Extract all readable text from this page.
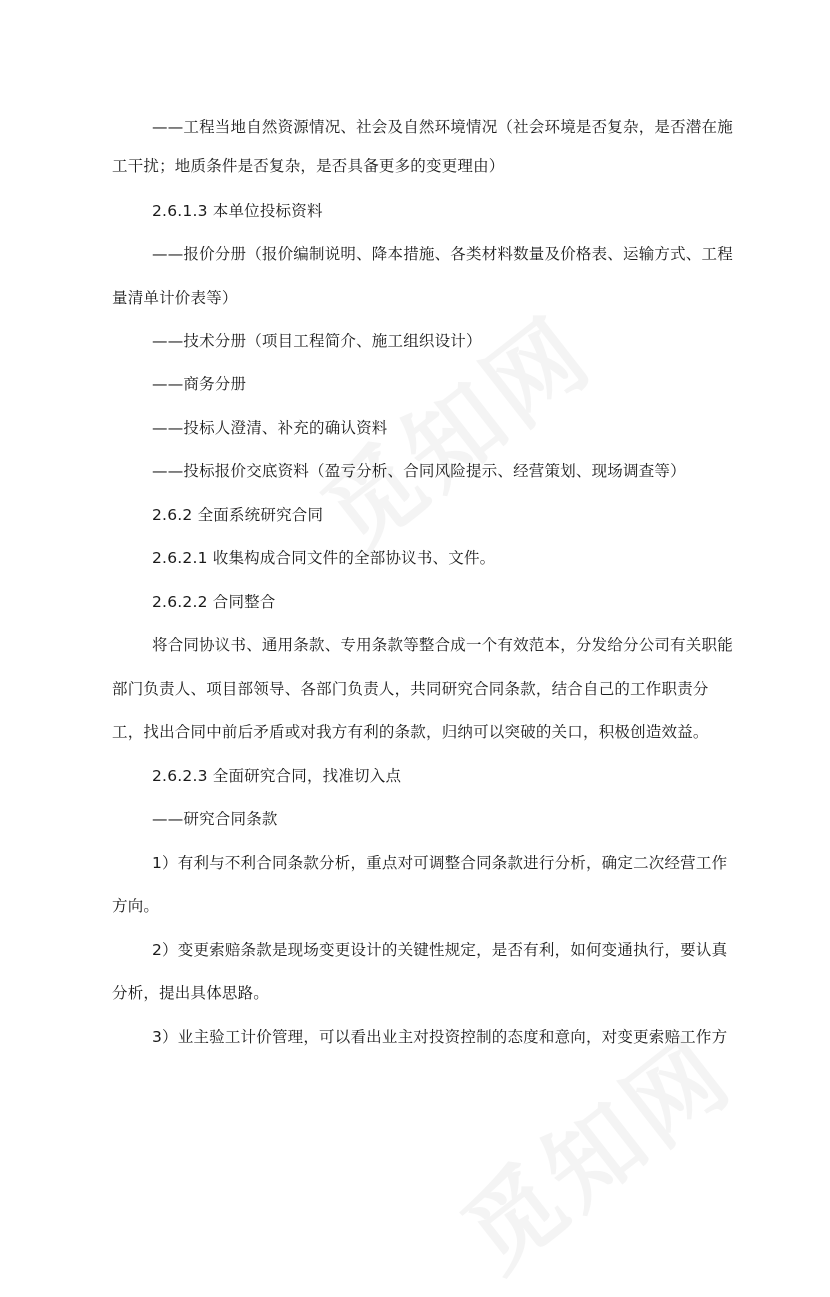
——工程当地自然资源情况、社会及自然环境情况（社会环境是否复杂，是否潜在施
工干扰；地质条件是否复杂，是否具备更多的变更理由）
2.6.1.3 本单位投标资料
——报价分册（报价编制说明、降本措施、各类材料数量及价格表、运输方式、工程
量清单计价表等）
——技术分册（项目工程简介、施工组织设计）
——商务分册
——投标人澄清、补充的确认资料
——投标报价交底资料（盈亏分析、合同风险提示、经营策划、现场调查等）
2.6.2 全面系统研究合同
2.6.2.1 收集构成合同文件的全部协议书、文件。
2.6.2.2 合同整合
将合同协议书、通用条款、专用条款等整合成一个有效范本，分发给分公司有关职能
部门负责人、项目部领导、各部门负责人，共同研究合同条款，结合自己的工作职责分
工，找出合同中前后矛盾或对我方有利的条款，归纳可以突破的关口，积极创造效益。
2.6.2.3 全面研究合同，找准切入点
——研究合同条款
1）有利与不利合同条款分析，重点对可调整合同条款进行分析，确定二次经营工作
方向。
2）变更索赔条款是现场变更设计的关键性规定，是否有利，如何变通执行，要认真
分析，提出具体思路。
3）业主验工计价管理，可以看出业主对投资控制的态度和意向，对变更索赔工作方
